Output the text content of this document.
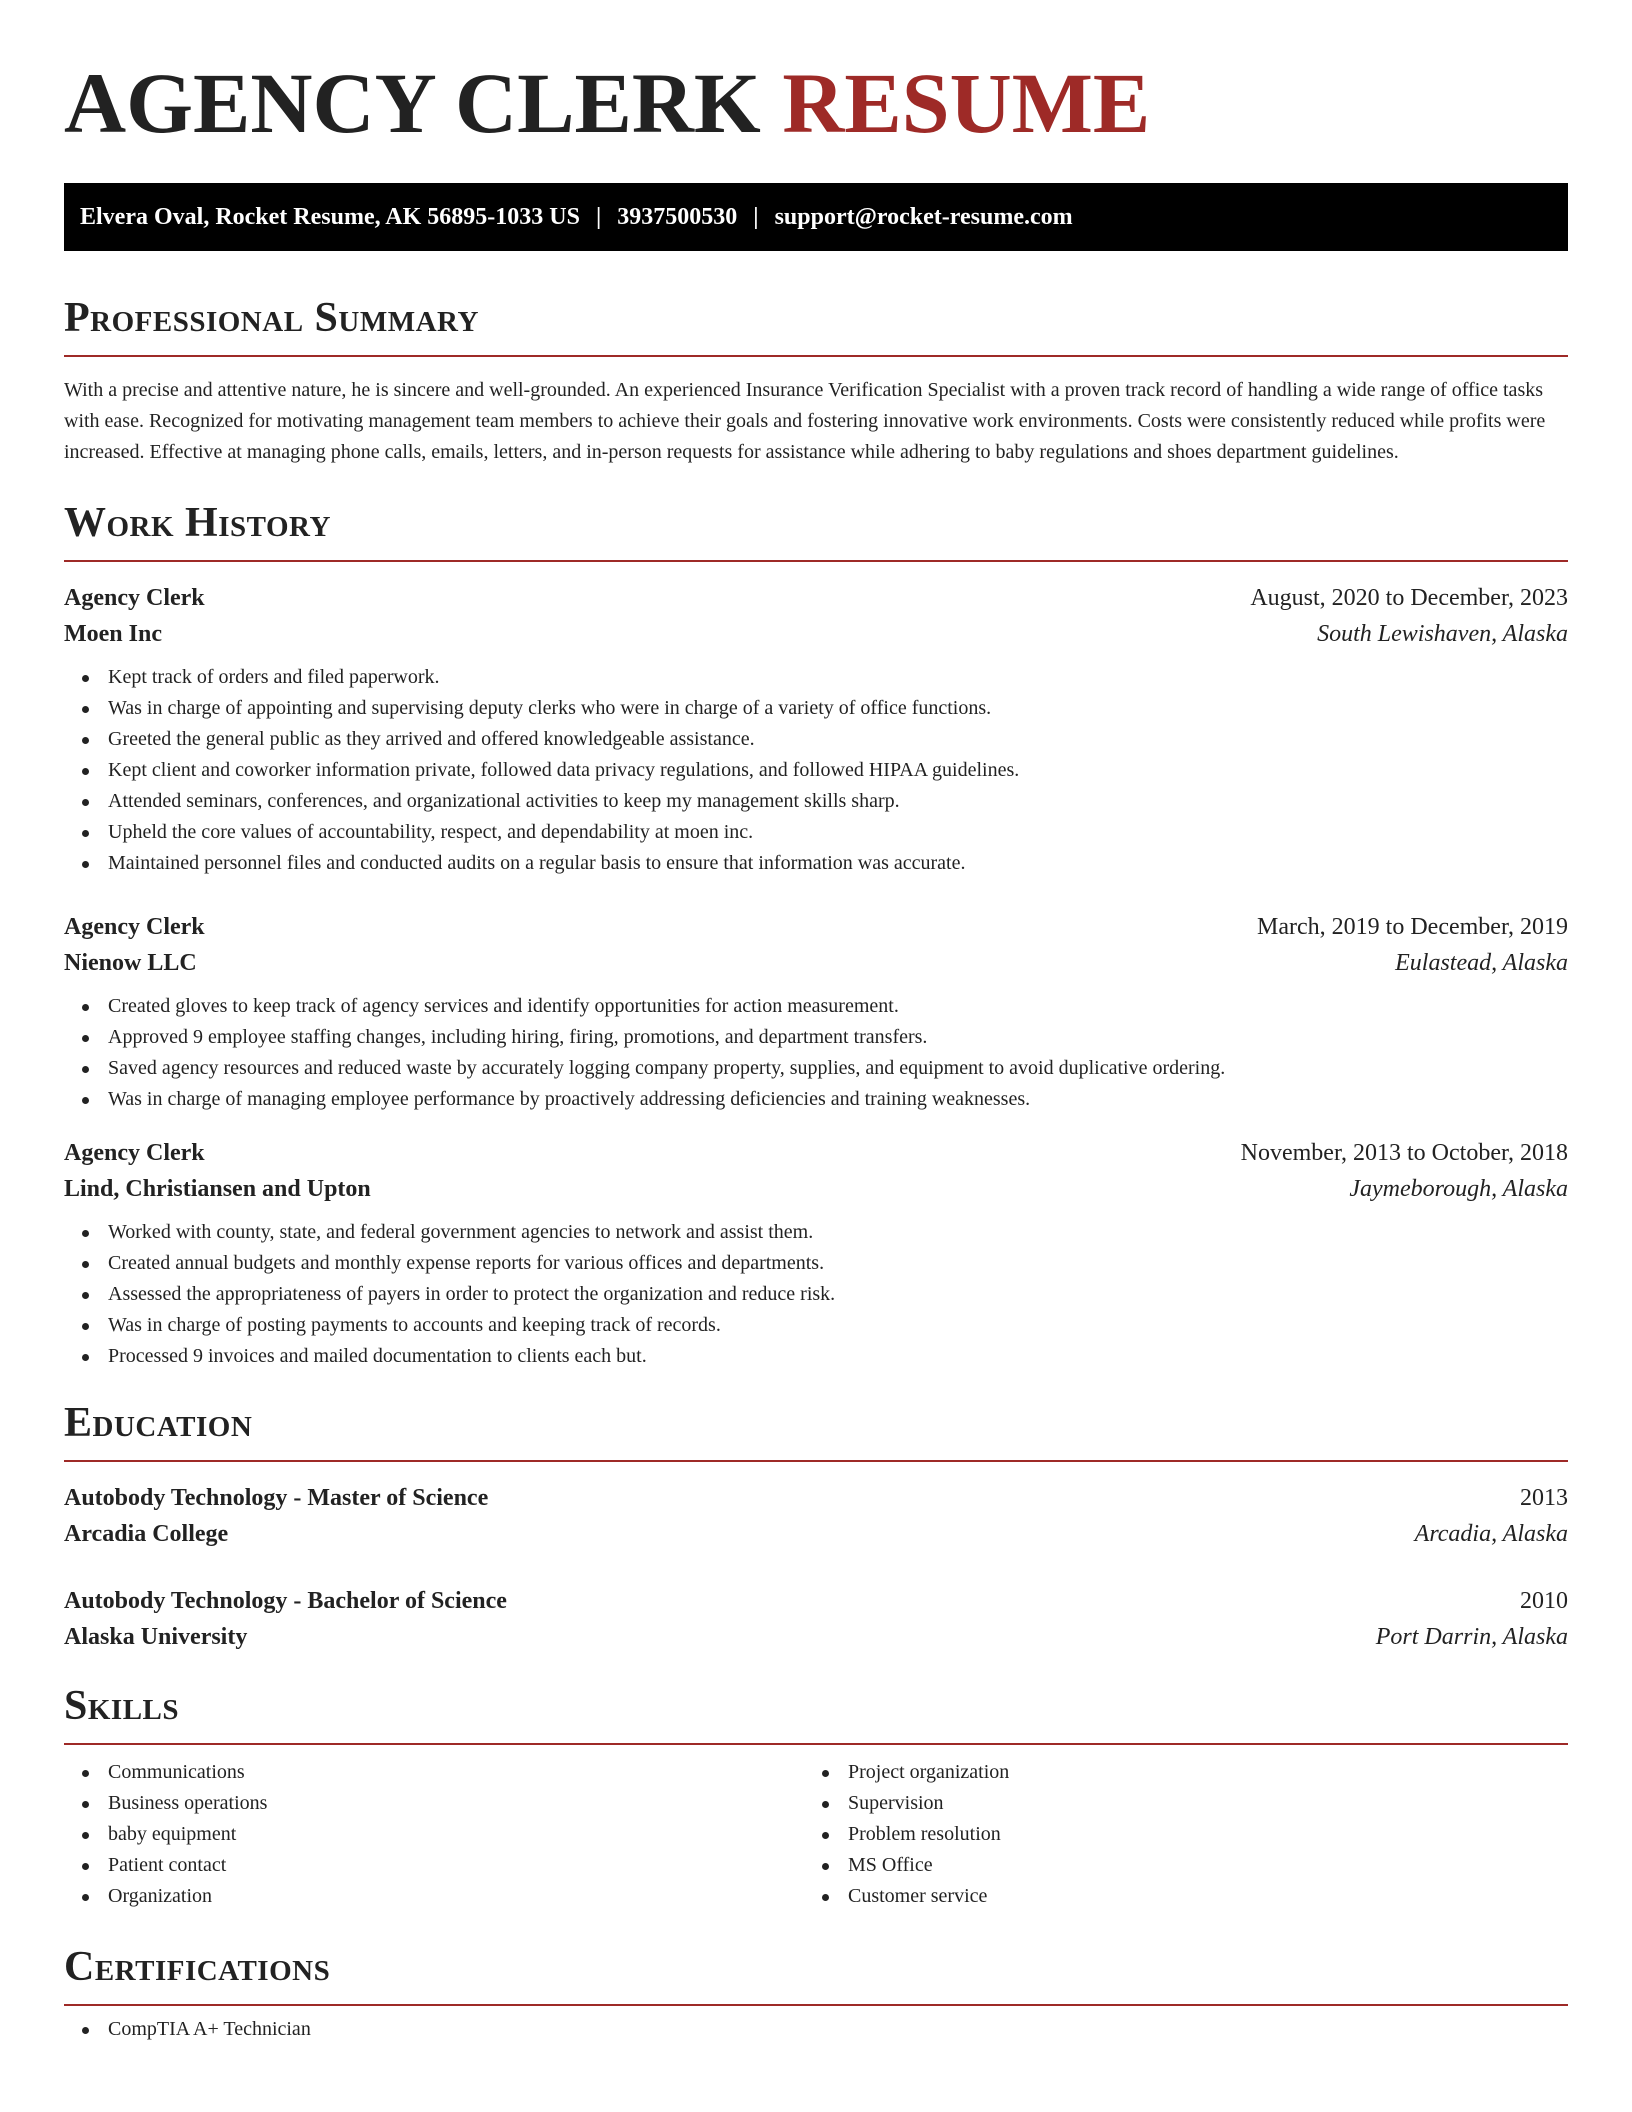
AGENCY CLERK RESUME
Elvera Oval, Rocket Resume, AK 56895-1033 US | 3937500530 | support@rocket-resume.com
Professional Summary

With a precise and attentive nature, he is sincere and well-grounded. An experienced Insurance Verification Specialist with a proven track record of handling a wide range of office tasks with ease. Recognized for motivating management team members to achieve their goals and fostering innovative work environments. Costs were consistently reduced while profits were increased. Effective at managing phone calls, emails, letters, and in-person requests for assistance while adhering to baby regulations and shoes department guidelines.

Work History
Agency Clerk	August, 2020 to December, 2023
Moen Inc	South Lewishaven, Alaska
Kept track of orders and filed paperwork.
Was in charge of appointing and supervising deputy clerks who were in charge of a variety of office functions.
Greeted the general public as they arrived and offered knowledgeable assistance.
Kept client and coworker information private, followed data privacy regulations, and followed HIPAA guidelines.
Attended seminars, conferences, and organizational activities to keep my management skills sharp.
Upheld the core values of accountability, respect, and dependability at moen inc.
Maintained personnel files and conducted audits on a regular basis to ensure that information was accurate.
Agency Clerk	March, 2019 to December, 2019
Nienow LLC	Eulastead, Alaska
Created gloves to keep track of agency services and identify opportunities for action measurement.
Approved 9 employee staffing changes, including hiring, firing, promotions, and department transfers.
Saved agency resources and reduced waste by accurately logging company property, supplies, and equipment to avoid duplicative ordering.
Was in charge of managing employee performance by proactively addressing deficiencies and training weaknesses.
Agency Clerk	November, 2013 to October, 2018
Lind, Christiansen and Upton	Jaymeborough, Alaska
Worked with county, state, and federal government agencies to network and assist them.
Created annual budgets and monthly expense reports for various offices and departments.
Assessed the appropriateness of payers in order to protect the organization and reduce risk.
Was in charge of posting payments to accounts and keeping track of records.
Processed 9 invoices and mailed documentation to clients each but.
Education
Autobody Technology - Master of Science	2013
Arcadia College	Arcadia, Alaska
Autobody Technology - Bachelor of Science	2010
Alaska University	Port Darrin, Alaska
Skills
Communications
Business operations
baby equipment
Patient contact
Organization
Project organization
Supervision
Problem resolution
MS Office
Customer service
Certifications
CompTIA A+ Technician
